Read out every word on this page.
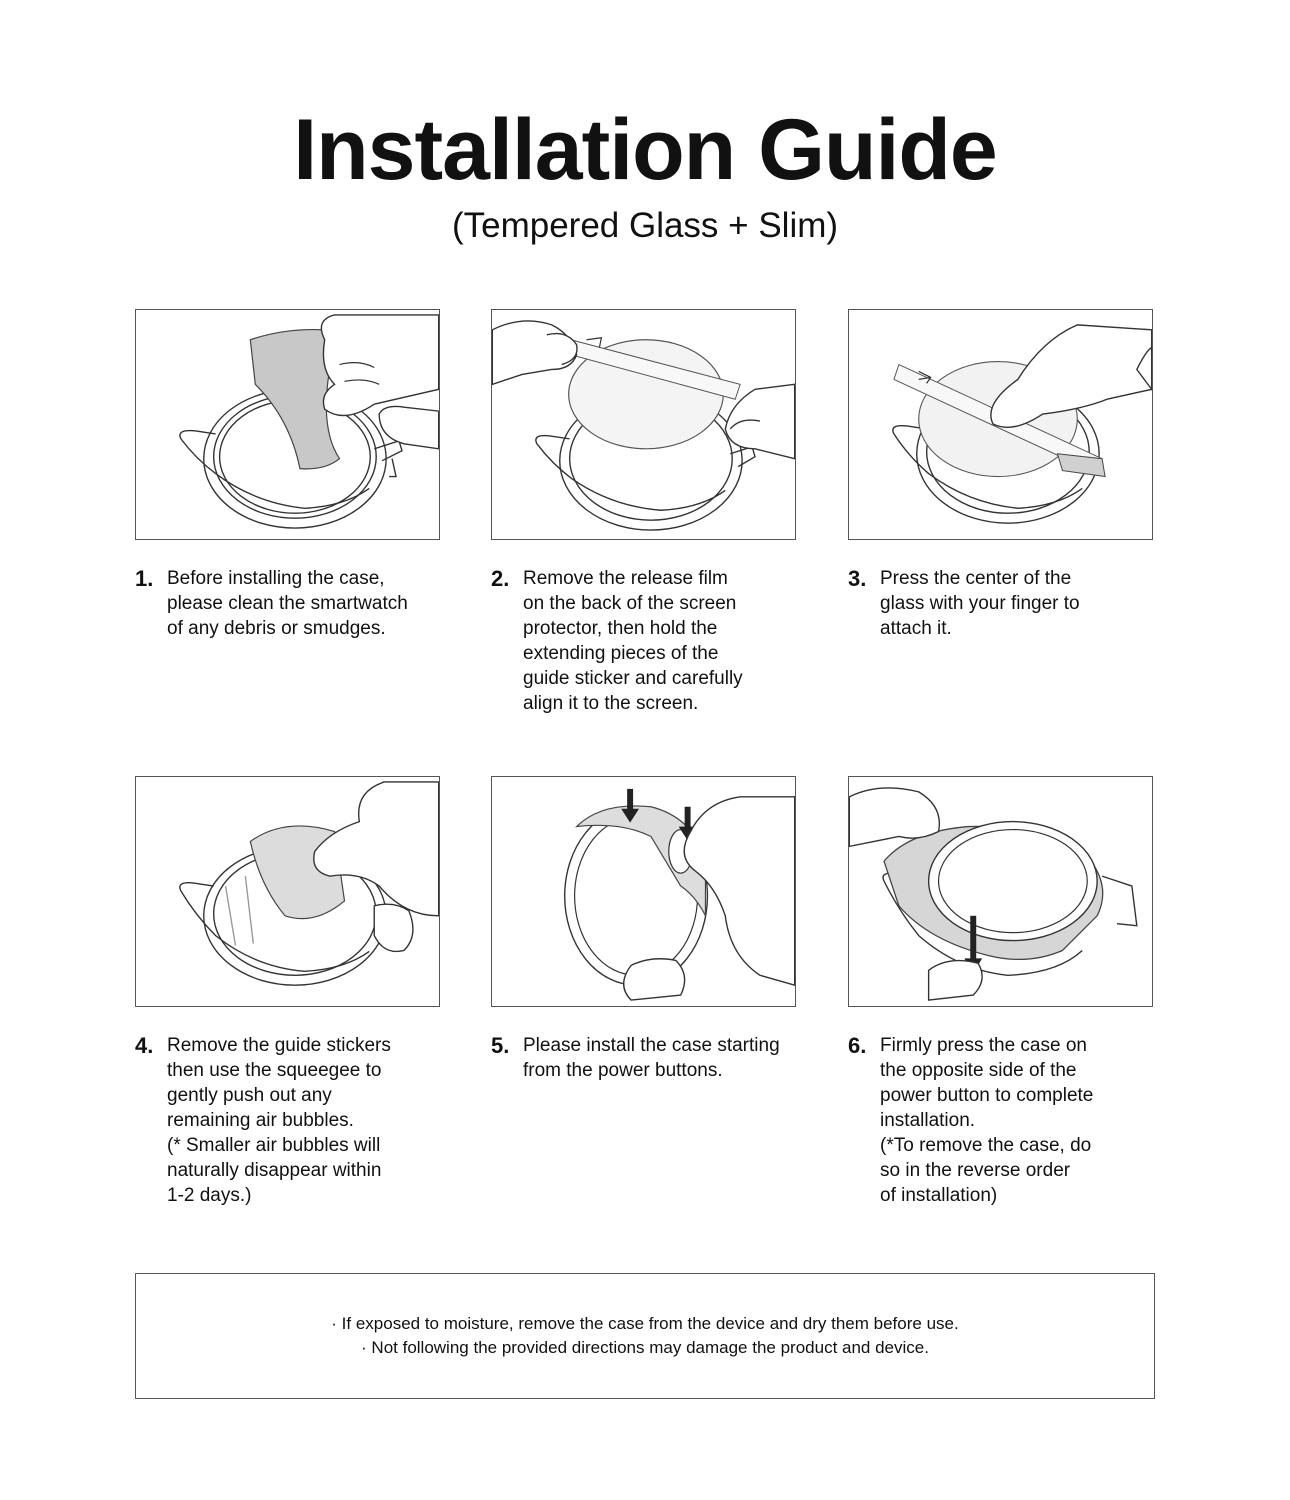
Installation Guide
(Tempered Glass + Slim)
1. Before installing the case,
please clean the smartwatch
of any debris or smudges.
2. Remove the release film
on the back of the screen
protector, then hold the
extending pieces of the
guide sticker and carefully
align it to the screen.
3. Press the center of the
glass with your finger to
attach it.
4. Remove the guide stickers
then use the squeegee to
gently push out any
remaining air bubbles.
(* Smaller air bubbles will
naturally disappear within
1-2 days.)
5. Please install the case starting
from the power buttons.
6. Firmly press the case on
the opposite side of the
power button to complete
installation.
(*To remove the case, do
so in the reverse order
of installation)
· If exposed to moisture, remove the case from the device and dry them before use.
· Not following the provided directions may damage the product and device.
